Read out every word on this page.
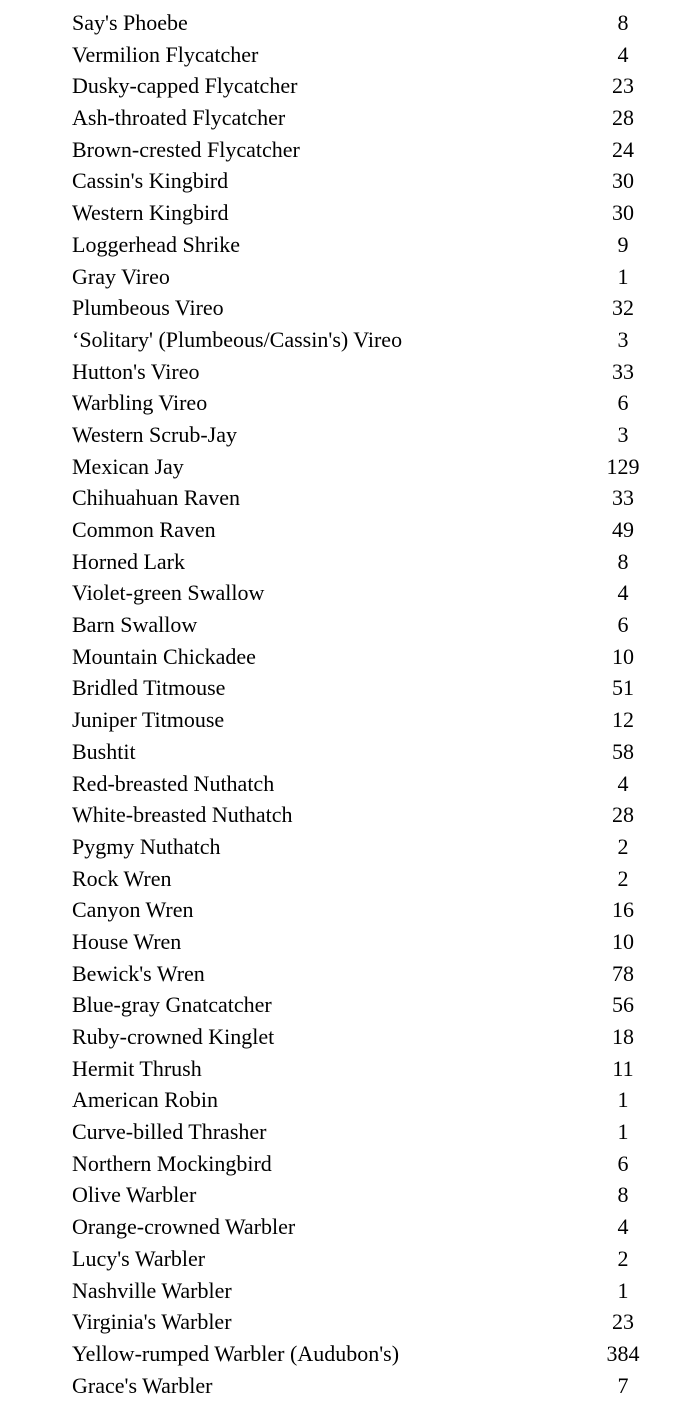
Say's Phoebe	8
Vermilion Flycatcher	4
Dusky-capped Flycatcher	23
Ash-throated Flycatcher	28
Brown-crested Flycatcher	24
Cassin's Kingbird	30
Western Kingbird	30
Loggerhead Shrike	9
Gray Vireo	1
Plumbeous Vireo	32
‘Solitary' (Plumbeous/Cassin's) Vireo	3
Hutton's Vireo	33
Warbling Vireo	6
Western Scrub-Jay	3
Mexican Jay	129
Chihuahuan Raven	33
Common Raven	49
Horned Lark	8
Violet-green Swallow	4
Barn Swallow	6
Mountain Chickadee	10
Bridled Titmouse	51
Juniper Titmouse	12
Bushtit	58
Red-breasted Nuthatch	4
White-breasted Nuthatch	28
Pygmy Nuthatch	2
Rock Wren	2
Canyon Wren	16
House Wren	10
Bewick's Wren	78
Blue-gray Gnatcatcher	56
Ruby-crowned Kinglet	18
Hermit Thrush	11
American Robin	1
Curve-billed Thrasher	1
Northern Mockingbird	6
Olive Warbler	8
Orange-crowned Warbler	4
Lucy's Warbler	2
Nashville Warbler	1
Virginia's Warbler	23
Yellow-rumped Warbler (Audubon's)	384
Grace's Warbler	7
